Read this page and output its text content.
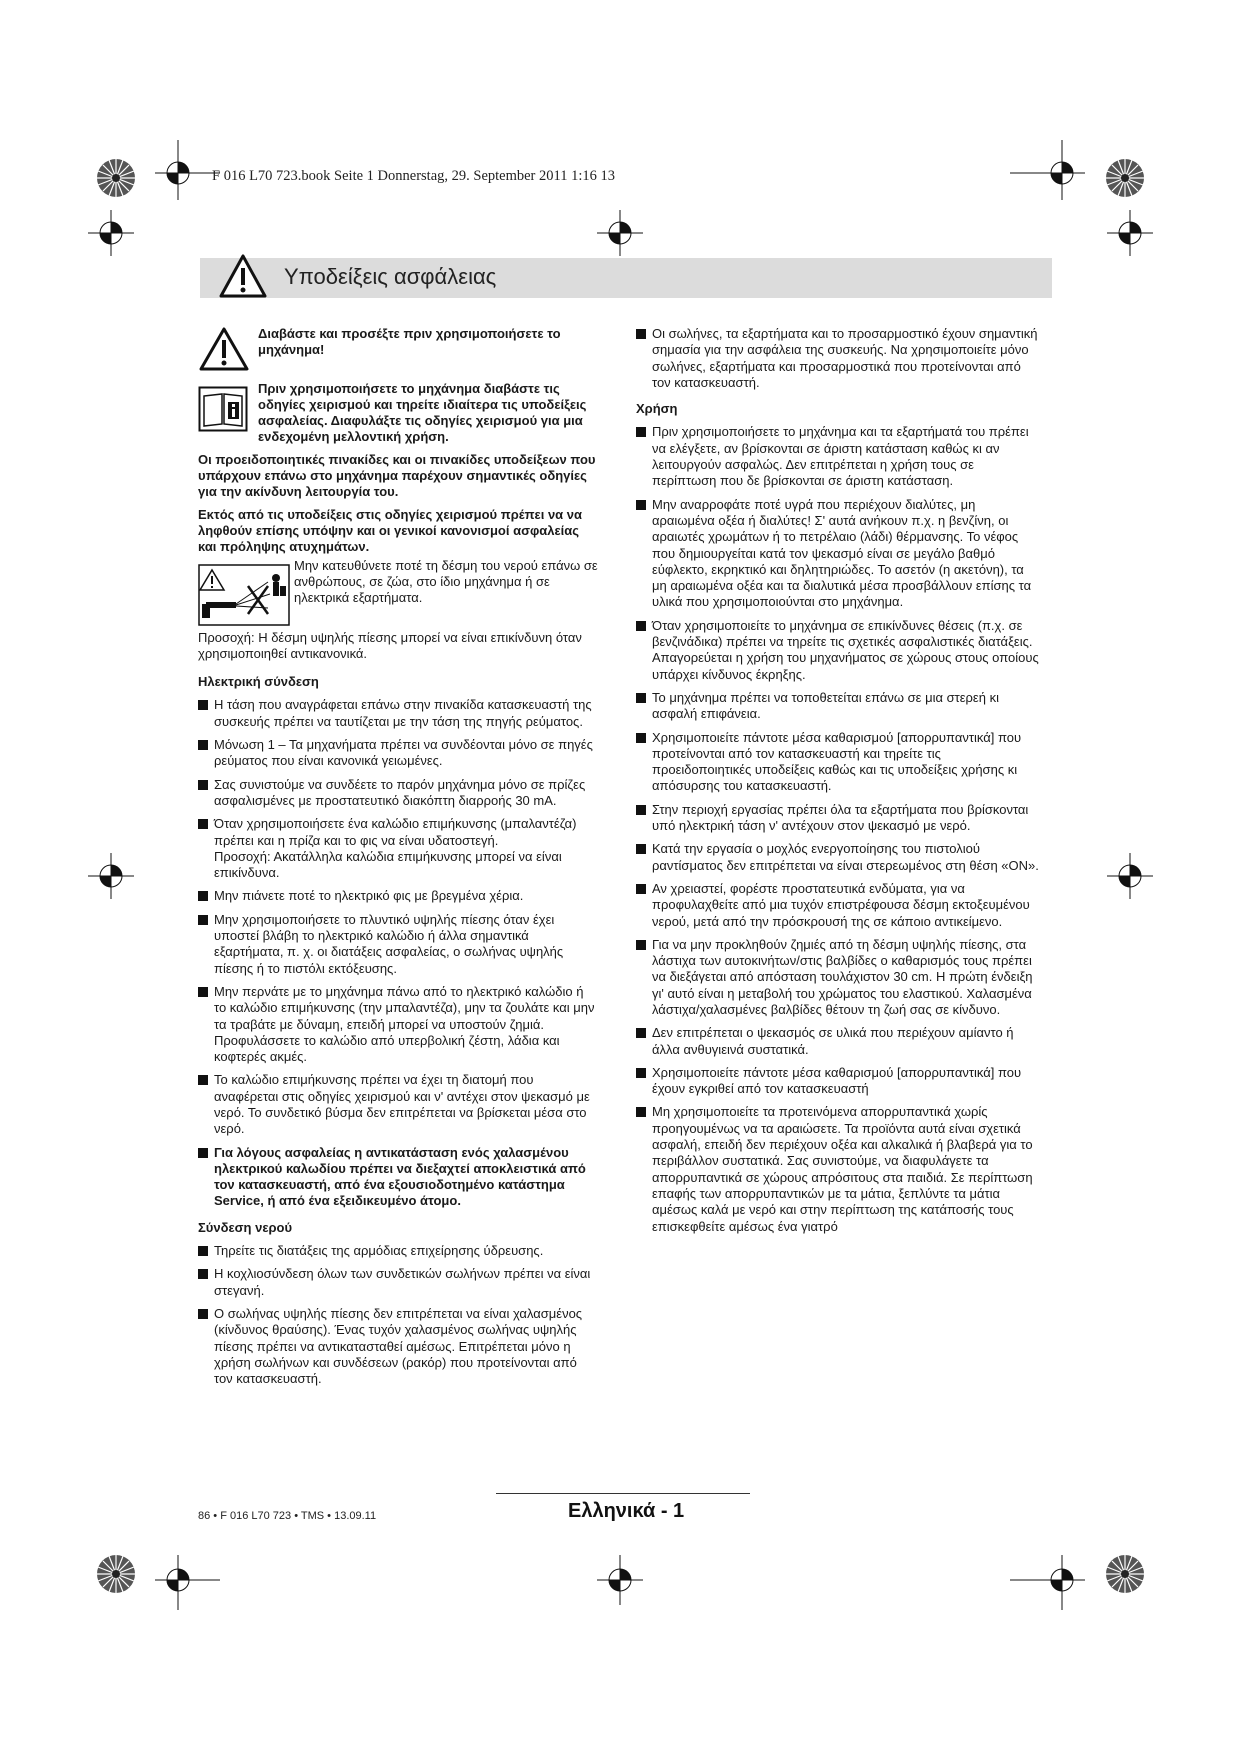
F 016 L70 723.book Seite 1 Donnerstag, 29. September 2011 1:16 13
Υποδείξεις ασφάλειας

Διαβάστε και προσέξτε πριν χρησιμοποιήσετε το μηχάνημα!

Πριν χρησιμοποιήσετε το μηχάνημα διαβάστε τις οδηγίες χειρισμού και τηρείτε ιδιαίτερα τις υποδείξεις ασφαλείας. Διαφυλάξτε τις οδηγίες χειρισμού για μια ενδεχομένη μελλοντική χρήση.

Οι προειδοποιητικές πινακίδες και οι πινακίδες υποδείξεων που υπάρχουν επάνω στο μηχάνημα παρέχουν σημαντικές οδηγίες για την ακίνδυνη λειτουργία του.

Εκτός από τις υποδείξεις στις οδηγίες χειρισμού πρέπει να να ληφθούν επίσης υπόψην και οι γενικοί κανονισμοί ασφαλείας και πρόληψης ατυχημάτων.

Μην κατευθύνετε ποτέ τη δέσμη του νερού επάνω σε ανθρώπους, σε ζώα, στο ίδιο μηχάνημα ή σε ηλεκτρικά εξαρτήματα.

Προσοχή: Η δέσμη υψηλής πίεσης μπορεί να είναι επικίνδυνη όταν χρησιμοποιηθεί αντικανονικά.

Ηλεκτρική σύνδεση

Η τάση που αναγράφεται επάνω στην πινακίδα κατασκευαστή της συσκευής πρέπει να ταυτίζεται με την τάση της πηγής ρεύματος.

Μόνωση 1 – Τα μηχανήματα πρέπει να συνδέονται μόνο σε πηγές ρεύματος που είναι κανονικά γειωμένες.

Σας συνιστούμε να συνδέετε το παρόν μηχάνημα μόνο σε πρίζες ασφαλισμένες με προστατευτικό διακόπτη διαρροής 30 mA.

Όταν χρησιμοποιήσετε ένα καλώδιο επιμήκυνσης (μπαλαντέζα) πρέπει και η πρίζα και το φις να είναι υδατοστεγή.

Προσοχή: Ακατάλληλα καλώδια επιμήκυνσης μπορεί να είναι επικίνδυνα.

Μην πιάνετε ποτέ το ηλεκτρικό φις με βρεγμένα χέρια.

Μην χρησιμοποιήσετε το πλυντικό υψηλής πίεσης όταν έχει υποστεί βλάβη το ηλεκτρικό καλώδιο ή άλλα σημαντικά εξαρτήματα, π. χ. οι διατάξεις ασφαλείας, ο σωλήνας υψηλής πίεσης ή το πιστόλι εκτόξευσης.

Μην περνάτε με το μηχάνημα πάνω από το ηλεκτρικό καλώδιο ή το καλώδιο επιμήκυνσης (την μπαλαντέζα), μην τα ζουλάτε και μην τα τραβάτε με δύναμη, επειδή μπορεί να υποστούν ζημιά. Προφυλάσσετε το καλώδιο από υπερβολική ζέστη, λάδια και κοφτερές ακμές.

Το καλώδιο επιμήκυνσης πρέπει να έχει τη διατομή που αναφέρεται στις οδηγίες χειρισμού και ν' αντέχει στον ψεκασμό με νερό. Το συνδετικό βύσμα δεν επιτρέπεται να βρίσκεται μέσα στο νερό.

Για λόγους ασφαλείας η αντικατάσταση ενός χαλασμένου ηλεκτρικού καλωδίου πρέπει να διεξαχτεί αποκλειστικά από τον κατασκευαστή, από ένα εξουσιοδοτημένο κατάστημα Service, ή από ένα εξειδικευμένο άτομο.

Σύνδεση νερού

Τηρείτε τις διατάξεις της αρμόδιας επιχείρησης ύδρευσης.

Η κοχλιοσύνδεση όλων των συνδετικών σωλήνων πρέπει να είναι στεγανή.

Ο σωλήνας υψηλής πίεσης δεν επιτρέπεται να είναι χαλασμένος (κίνδυνος θραύσης). Ένας τυχόν χαλασμένος σωλήνας υψηλής πίεσης πρέπει να αντικατασταθεί αμέσως. Επιτρέπεται μόνο η χρήση σωλήνων και συνδέσεων (ρακόρ) που προτείνονται από τον κατασκευαστή.

Οι σωλήνες, τα εξαρτήματα και το προσαρμοστικό έχουν σημαντική σημασία για την ασφάλεια της συσκευής. Να χρησιμοποιείτε μόνο σωλήνες, εξαρτήματα και προσαρμοστικά που προτείνονται από τον κατασκευαστή.

Χρήση

Πριν χρησιμοποιήσετε το μηχάνημα και τα εξαρτήματά του πρέπει να ελέγξετε, αν βρίσκονται σε άριστη κατάσταση καθώς κι αν λειτουργούν ασφαλώς. Δεν επιτρέπεται η χρήση τους σε περίπτωση που δε βρίσκονται σε άριστη κατάσταση.

Μην αναρροφάτε ποτέ υγρά που περιέχουν διαλύτες, μη αραιωμένα οξέα ή διαλύτες! Σ' αυτά ανήκουν π.χ. η βενζίνη, οι αραιωτές χρωμάτων ή το πετρέλαιο (λάδι) θέρμανσης. Το νέφος που δημιουργείται κατά τον ψεκασμό είναι σε μεγάλο βαθμό εύφλεκτο, εκρηκτικό και δηλητηριώδες. Το ασετόν (η ακετόνη), τα μη αραιωμένα οξέα και τα διαλυτικά μέσα προσβάλλουν επίσης τα υλικά που χρησιμοποιούνται στο μηχάνημα.

Όταν χρησιμοποιείτε το μηχάνημα σε επικίνδυνες θέσεις (π.χ. σε βενζινάδικα) πρέπει να τηρείτε τις σχετικές ασφαλιστικές διατάξεις. Απαγορεύεται η χρήση του μηχανήματος σε χώρους στους οποίους υπάρχει κίνδυνος έκρηξης.

Το μηχάνημα πρέπει να τοποθετείται επάνω σε μια στερεή κι ασφαλή επιφάνεια.

Χρησιμοποιείτε πάντοτε μέσα καθαρισμού [απορρυπαντικά] που προτείνονται από τον κατασκευαστή και τηρείτε τις προειδοποιητικές υποδείξεις καθώς και τις υποδείξεις χρήσης κι απόσυρσης του κατασκευαστή.

Στην περιοχή εργασίας πρέπει όλα τα εξαρτήματα που βρίσκονται υπό ηλεκτρική τάση ν' αντέχουν στον ψεκασμό με νερό.

Κατά την εργασία ο μοχλός ενεργοποίησης του πιστολιού ραντίσματος δεν επιτρέπεται να είναι στερεωμένος στη θέση «ON».

Αν χρειαστεί, φορέστε προστατευτικά ενδύματα, για να προφυλαχθείτε από μια τυχόν επιστρέφουσα δέσμη εκτοξευμένου νερού, μετά από την πρόσκρουσή της σε κάποιο αντικείμενο.

Για να μην προκληθούν ζημιές από τη δέσμη υψηλής πίεσης, στα λάστιχα των αυτοκινήτων/στις βαλβίδες ο καθαρισμός τους πρέπει να διεξάγεται από απόσταση τουλάχιστον 30 cm. Η πρώτη ένδειξη γι' αυτό είναι η μεταβολή του χρώματος του ελαστικού. Χαλασμένα λάστιχα/χαλασμένες βαλβίδες θέτουν τη ζωή σας σε κίνδυνο.

Δεν επιτρέπεται ο ψεκασμός σε υλικά που περιέχουν αμίαντο ή άλλα ανθυγιεινά συστατικά.

Χρησιμοποιείτε πάντοτε μέσα καθαρισμού [απορρυπαντικά] που έχουν εγκριθεί από τον κατασκευαστή

Μη χρησιμοποιείτε τα προτεινόμενα απορρυπαντικά χωρίς προηγουμένως να τα αραιώσετε. Τα προϊόντα αυτά είναι σχετικά ασφαλή, επειδή δεν περιέχουν οξέα και αλκαλικά ή βλαβερά για το περιβάλλον συστατικά. Σας συνιστούμε, να διαφυλάγετε τα απορρυπαντικά σε χώρους απρόσιτους στα παιδιά. Σε περίπτωση επαφής των απορρυπαντικών με τα μάτια, ξεπλύντε τα μάτια αμέσως καλά με νερό και στην περίπτωση της κατάποσής τους επισκεφθείτε αμέσως ένα γιατρό

86 • F 016 L70 723 • TMS • 13.09.11	Ελληνικά - 1
